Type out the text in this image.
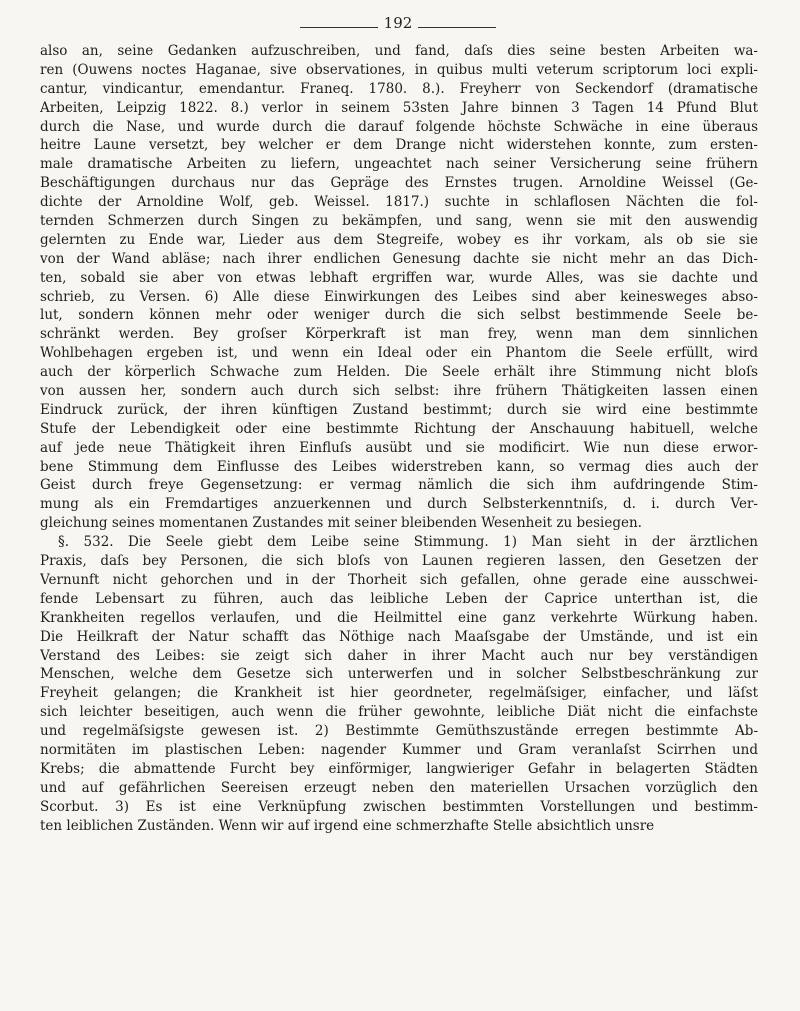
192
also an, seine Gedanken aufzuschreiben, und fand, daſs dies seine besten Arbeiten wa-
ren (Ouwens noctes Haganae, sive observationes, in quibus multi veterum scriptorum loci expli-
cantur, vindicantur, emendantur. Franeq. 1780. 8.). Freyherr von Seckendorf (dramatische
Arbeiten, Leipzig 1822. 8.) verlor in seinem 53sten Jahre binnen 3 Tagen 14 Pfund Blut
durch die Nase, und wurde durch die darauf folgende höchste Schwäche in eine überaus
heitre Laune versetzt, bey welcher er dem Drange nicht widerstehen konnte, zum ersten-
male dramatische Arbeiten zu liefern, ungeachtet nach seiner Versicherung seine frühern
Beschäftigungen durchaus nur das Gepräge des Ernstes trugen. Arnoldine Weissel (Ge-
dichte der Arnoldine Wolf, geb. Weissel. 1817.) suchte in schlaflosen Nächten die fol-
ternden Schmerzen durch Singen zu bekämpfen, und sang, wenn sie mit den auswendig
gelernten zu Ende war, Lieder aus dem Stegreife, wobey es ihr vorkam, als ob sie sie
von der Wand abläse; nach ihrer endlichen Genesung dachte sie nicht mehr an das Dich-
ten, sobald sie aber von etwas lebhaft ergriffen war, wurde Alles, was sie dachte und
schrieb, zu Versen. 6) Alle diese Einwirkungen des Leibes sind aber keinesweges abso-
lut, sondern können mehr oder weniger durch die sich selbst bestimmende Seele be-
schränkt werden. Bey groſser Körperkraft ist man frey, wenn man dem sinnlichen
Wohlbehagen ergeben ist, und wenn ein Ideal oder ein Phantom die Seele erfüllt, wird
auch der körperlich Schwache zum Helden. Die Seele erhält ihre Stimmung nicht bloſs
von aussen her, sondern auch durch sich selbst: ihre frühern Thätigkeiten lassen einen
Eindruck zurück, der ihren künftigen Zustand bestimmt; durch sie wird eine bestimmte
Stufe der Lebendigkeit oder eine bestimmte Richtung der Anschauung habituell, welche
auf jede neue Thätigkeit ihren Einfluſs ausübt und sie modificirt. Wie nun diese erwor-
bene Stimmung dem Einflusse des Leibes widerstreben kann, so vermag dies auch der
Geist durch freye Gegensetzung: er vermag nämlich die sich ihm aufdringende Stim-
mung als ein Fremdartiges anzuerkennen und durch Selbsterkenntniſs, d. i. durch Ver-
gleichung seines momentanen Zustandes mit seiner bleibenden Wesenheit zu besiegen.
§. 532. Die Seele giebt dem Leibe seine Stimmung. 1) Man sieht in der ärztlichen
Praxis, daſs bey Personen, die sich bloſs von Launen regieren lassen, den Gesetzen der
Vernunft nicht gehorchen und in der Thorheit sich gefallen, ohne gerade eine ausschwei-
fende Lebensart zu führen, auch das leibliche Leben der Caprice unterthan ist, die
Krankheiten regellos verlaufen, und die Heilmittel eine ganz verkehrte Würkung haben.
Die Heilkraft der Natur schafft das Nöthige nach Maaſsgabe der Umstände, und ist ein
Verstand des Leibes: sie zeigt sich daher in ihrer Macht auch nur bey verständigen
Menschen, welche dem Gesetze sich unterwerfen und in solcher Selbstbeschränkung zur
Freyheit gelangen; die Krankheit ist hier geordneter, regelmäſsiger, einfacher, und läſst
sich leichter beseitigen, auch wenn die früher gewohnte, leibliche Diät nicht die einfachste
und regelmäſsigste gewesen ist. 2) Bestimmte Gemüthszustände erregen bestimmte Ab-
normitäten im plastischen Leben: nagender Kummer und Gram veranlaſst Scirrhen und
Krebs; die abmattende Furcht bey einförmiger, langwieriger Gefahr in belagerten Städten
und auf gefährlichen Seereisen erzeugt neben den materiellen Ursachen vorzüglich den
Scorbut. 3) Es ist eine Verknüpfung zwischen bestimmten Vorstellungen und bestimm-
ten leiblichen Zuständen. Wenn wir auf irgend eine schmerzhafte Stelle absichtlich unsre
